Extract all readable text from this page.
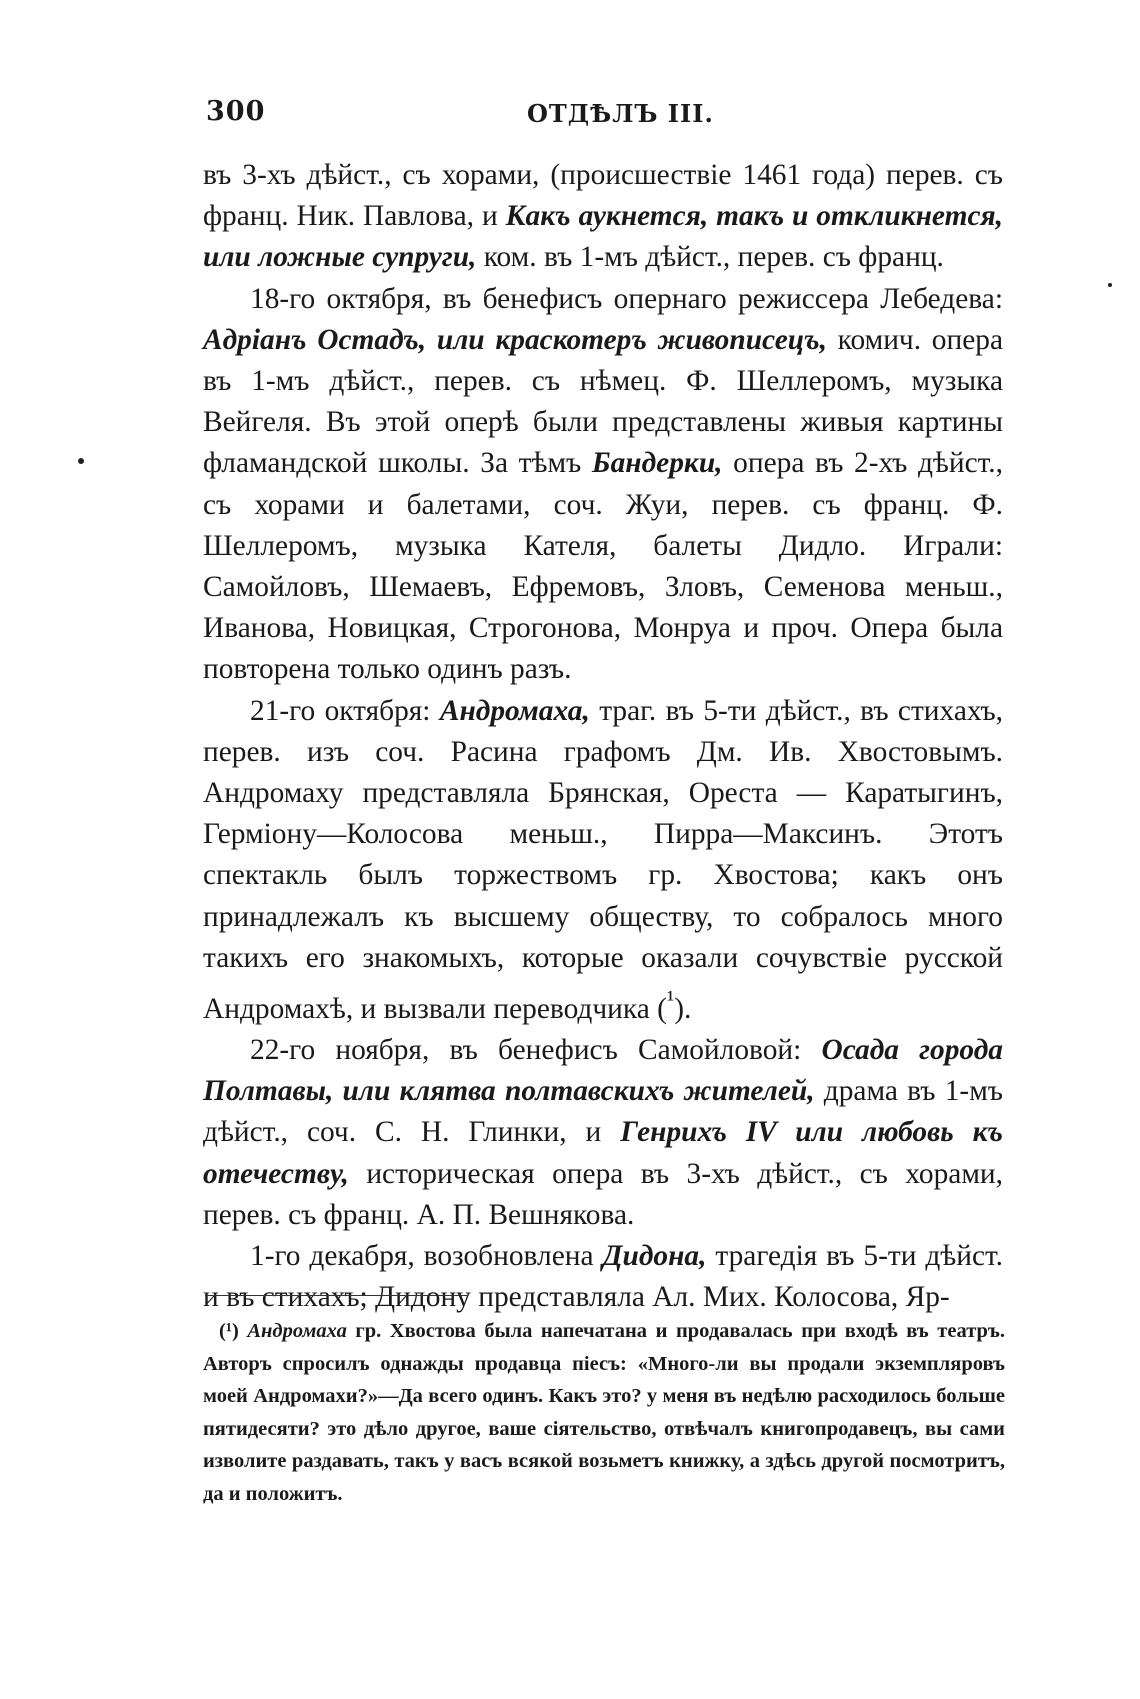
300	ОТДѢЛЪ III.

въ 3-хъ дѣйст., съ хорами, (происшествіе 1461 года) перев. съ франц. Ник. Павлова, и Какъ аукнется, такъ и откликнется, или ложные супруги, ком. въ 1-мъ дѣйст., перев. съ франц.

18-го октября, въ бенефисъ опернаго режиссера Лебедева: Адріанъ Остадъ, или краскотеръ живописецъ, комич. опера въ 1-мъ дѣйст., перев. съ нѣмец. Ф. Шеллеромъ, музыка Вейгеля. Въ этой оперѣ были представлены живыя картины фламандской школы. За тѣмъ Бандерки, опера въ 2-хъ дѣйст., съ хорами и балетами, соч. Жуи, перев. съ франц. Ф. Шеллеромъ, музыка Кателя, балеты Дидло. Играли: Самойловъ, Шемаевъ, Ефремовъ, Зловъ, Семенова меньш., Иванова, Новицкая, Строгонова, Монруа и проч. Опера была повторена только одинъ разъ.

21-го октября: Андромаха, траг. въ 5-ти дѣйст., въ стихахъ, перев. изъ соч. Расина графомъ Дм. Ив. Хвостовымъ. Андромаху представляла Брянская, Ореста — Каратыгинъ, Герміону—Колосова меньш., Пирра—Максинъ. Этотъ спектакль былъ торжествомъ гр. Хвостова; какъ онъ принадлежалъ къ высшему обществу, то собралось много такихъ его знакомыхъ, которые оказали сочувствіе русской Андромахѣ, и вызвали переводчика ($^{^1}$).

22-го ноября, въ бенефисъ Самойловой: Осада города Полтавы, или клятва полтавскихъ жителей, драма въ 1-мъ дѣйст., соч. С. Н. Глинки, и Генрихъ IV или любовь къ отечеству, историческая опера въ 3-хъ дѣйст., съ хорами, перев. съ франц. А. П. Вешнякова.

1-го декабря, возобновлена Дидона, трагедія въ 5-ти дѣйст. и въ стихахъ; Дидону представляла Ал. Мих. Колосова, Яр-

(¹) Андромаха гр. Хвостова была напечатана и продавалась при входѣ въ театръ. Авторъ спросилъ однажды продавца піесъ: «Много-ли вы продали экземпляровъ моей Андромахи?»—Да всего одинъ. Какъ это? у меня въ недѣлю расходилось больше пятидесяти? это дѣло другое, ваше сіятельство, отвѣчалъ книгопродавецъ, вы сами изволите раздавать, такъ у васъ всякой возьметъ книжку, а здѣсь другой посмотритъ, да и положитъ.
